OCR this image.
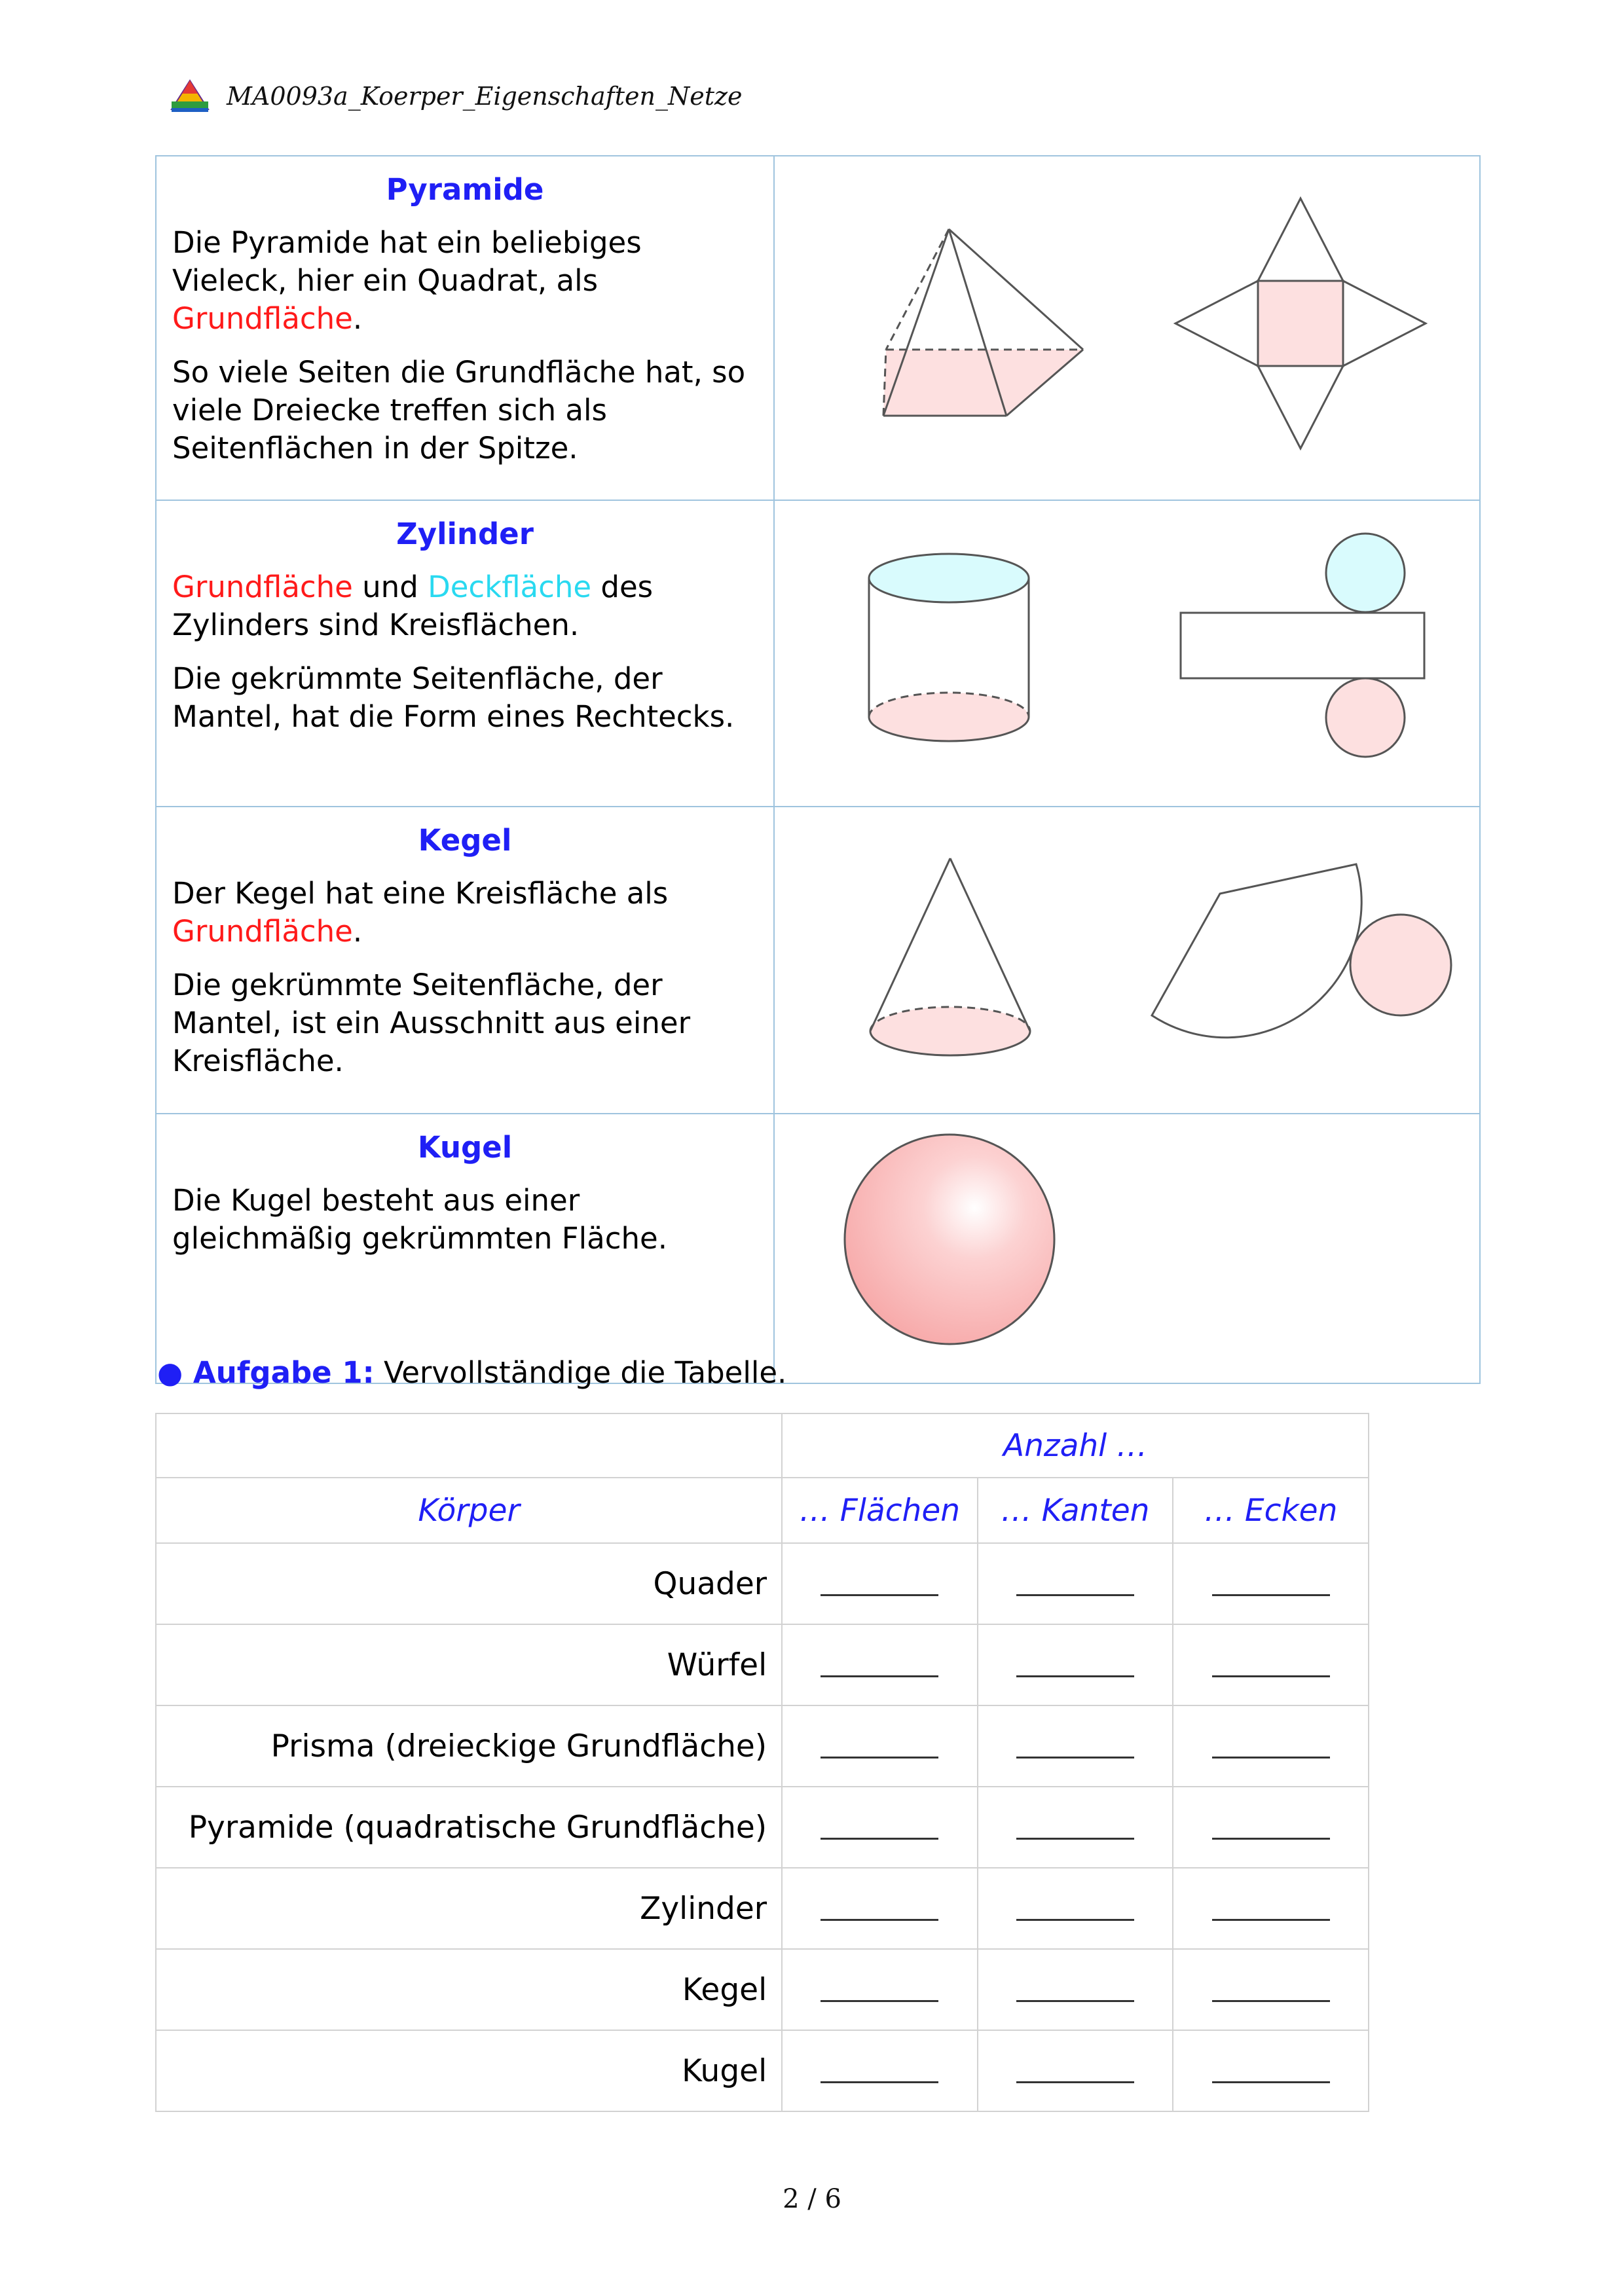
MA0093a_Koerper_Eigenschaften_Netze
Pyramide
Die Pyramide hat ein beliebiges Vieleck, hier ein Quadrat, als Grundfläche.
So viele Seiten die Grundfläche hat, so viele Dreiecke treffen sich als Seitenflächen in der Spitze.

Zylinder
Grundfläche und Deckfläche des Zylinders sind Kreisflächen.
Die gekrümmte Seitenfläche, der Mantel, hat die Form eines Rechtecks.

Kegel
Der Kegel hat eine Kreisfläche als Grundfläche.
Die gekrümmte Seitenfläche, der Mantel, ist ein Ausschnitt aus einer Kreisfläche.

Kugel
Die Kugel besteht aus einer gleichmäßig gekrümmten Fläche.

● Aufgabe 1: Vervollständige die Tabelle.
	Anzahl …		
Körper	… Flächen	… Kanten	… Ecken
Quader	

Würfel	

Prisma (dreieckige Grundfläche)	

Pyramide (quadratische Grundfläche)	

Zylinder	

Kegel	

Kugel	

2 / 6
